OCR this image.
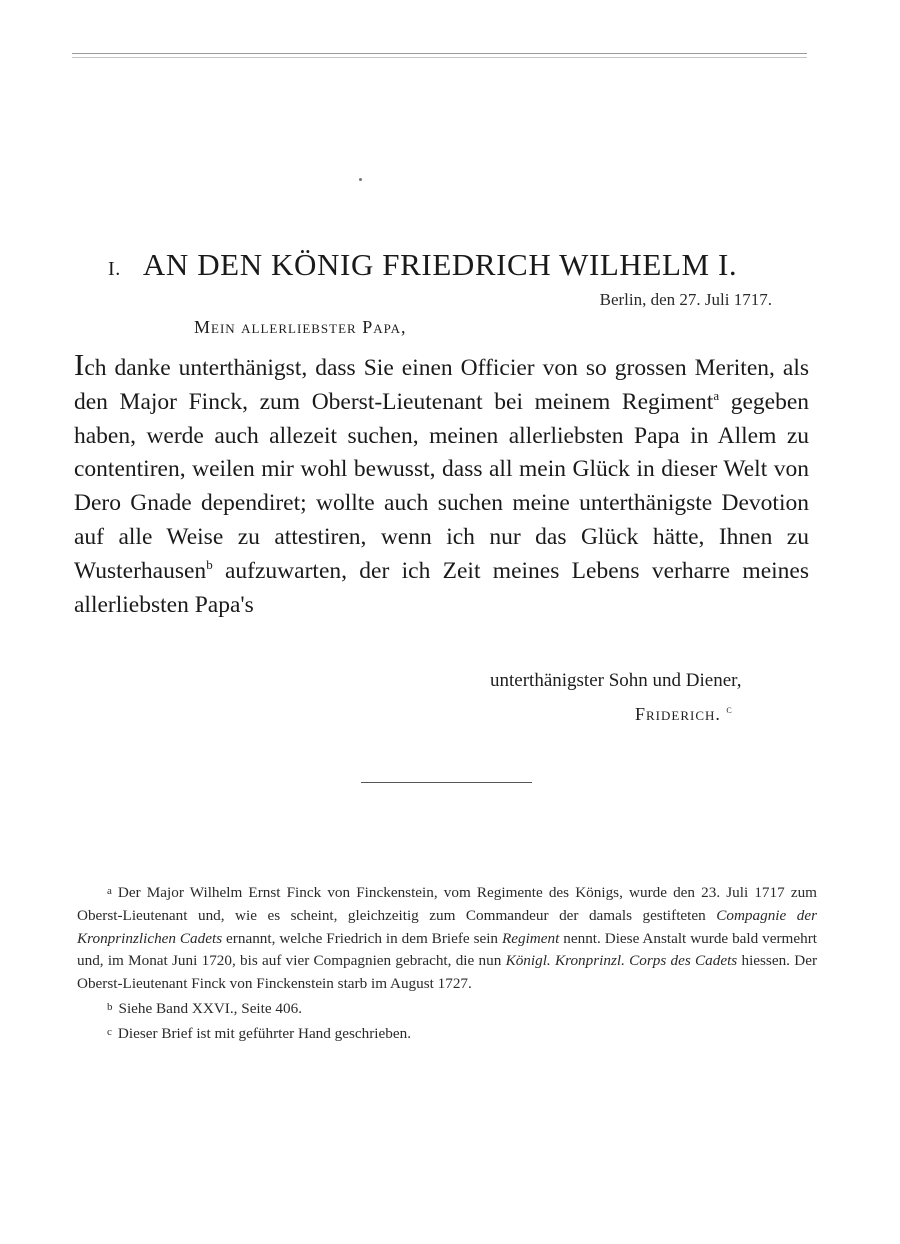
I. AN DEN KÖNIG FRIEDRICH WILHELM I.
Berlin, den 27. Juli 1717.
Mein allerliebster Papa,

Ich danke unterthänigst, dass Sie einen Officier von so grossen Meriten, als den Major Finck, zum Oberst-Lieutenant bei meinem Regiment$^a$ gegeben haben, werde auch allezeit suchen, meinen allerliebsten Papa in Allem zu contentiren, weilen mir wohl bewusst, dass all mein Glück in dieser Welt von Dero Gnade dependiret; wollte auch suchen meine unterthänigste Devotion auf alle Weise zu attestiren, wenn ich nur das Glück hätte, Ihnen zu Wusterhausen$^b$ aufzuwarten, der ich Zeit meines Lebens verharre meines allerliebsten Papa's

unterthänigster Sohn und Diener,
Friderich. $^c$

a Der Major Wilhelm Ernst Finck von Finckenstein, vom Regimente des Königs, wurde den 23. Juli 1717 zum Oberst-Lieutenant und, wie es scheint, gleichzeitig zum Commandeur der damals gestifteten Compagnie der Kronprinzlichen Cadets ernannt, welche Friedrich in dem Briefe sein Regiment nennt. Diese Anstalt wurde bald vermehrt und, im Monat Juni 1720, bis auf vier Compagnien gebracht, die nun Königl. Kronprinzl. Corps des Cadets hiessen. Der Oberst-Lieutenant Finck von Finckenstein starb im August 1727.

b Siehe Band XXVI., Seite 406.

c Dieser Brief ist mit geführter Hand geschrieben.
